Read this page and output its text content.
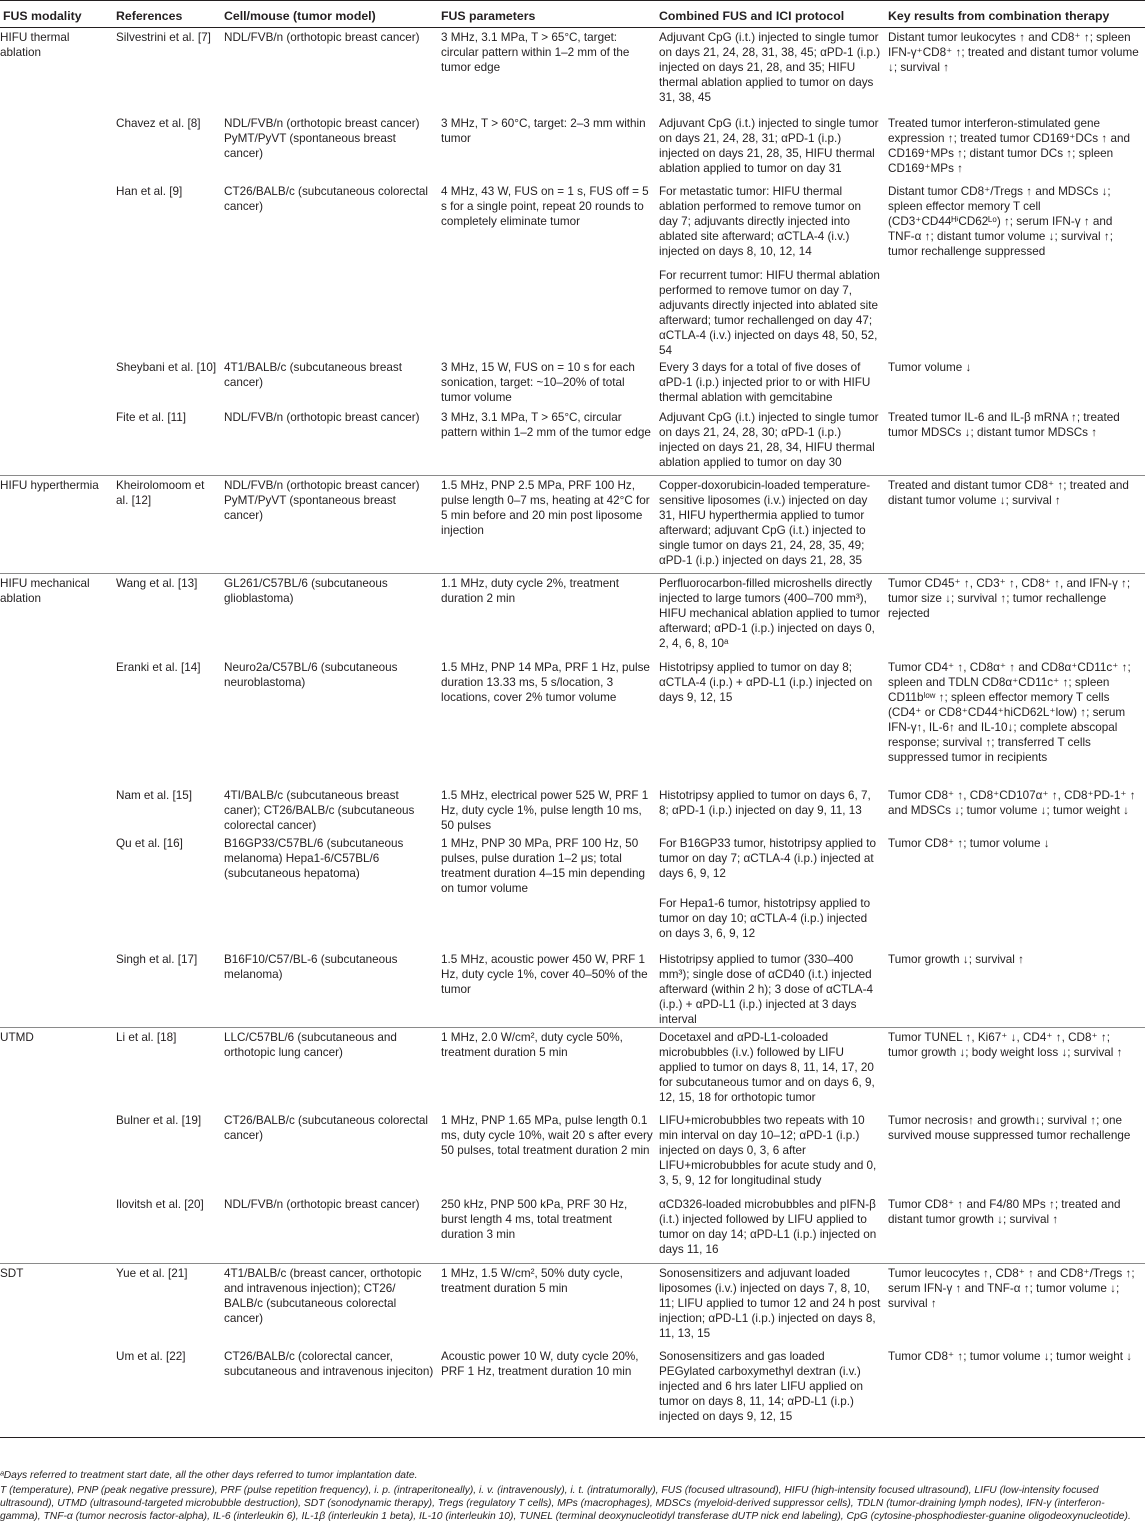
FUS modality	References	Cell/mouse (tumor model)	FUS parameters	Combined FUS and ICI protocol	Key results from combination therapy
HIFU thermal ablation	Silvestrini et al. [7]	NDL/FVB/n (orthotopic breast cancer)	3 MHz, 3.1 MPa, T > 65°C, target: circular pattern within 1–2 mm of the tumor edge	Adjuvant CpG (i.t.) injected to single tumor on days 21, 24, 28, 31, 38, 45; αPD-1 (i.p.) injected on days 21, 28, and 35; HIFU thermal ablation applied to tumor on days 31, 38, 45	Distant tumor leukocytes ↑ and CD8⁺ ↑; spleen IFN-γ⁺CD8⁺ ↑; treated and distant tumor volume ↓; survival ↑
	Chavez et al. [8]	NDL/FVB/n (orthotopic breast cancer) PyMT/PyVT (spontaneous breast cancer)	3 MHz, T > 60°C, target: 2–3 mm within tumor	Adjuvant CpG (i.t.) injected to single tumor on days 21, 24, 28, 31; αPD-1 (i.p.) injected on days 21, 28, 35, HIFU thermal ablation applied to tumor on day 31	Treated tumor interferon-stimulated gene expression ↑; treated tumor CD169⁺DCs ↑ and CD169⁺MPs ↑; distant tumor DCs ↑; spleen CD169⁺MPs ↑
	Han et al. [9]	CT26/BALB/c (subcutaneous colorectal cancer)	4 MHz, 43 W, FUS on = 1 s, FUS off = 5 s for a single point, repeat 20 rounds to completely eliminate tumor	For metastatic tumor: HIFU thermal ablation performed to remove tumor on day 7; adjuvants directly injected into ablated site afterward; αCTLA-4 (i.v.) injected on days 8, 10, 12, 14	Distant tumor CD8⁺/Tregs ↑ and MDSCs ↓; spleen effector memory T cell (CD3⁺CD44ᴴⁱCD62ᴸᵒ) ↑; serum IFN-γ ↑ and TNF-α ↑; distant tumor volume ↓; survival ↑; tumor rechallenge suppressed
				For recurrent tumor: HIFU thermal ablation performed to remove tumor on day 7, adjuvants directly injected into ablated site afterward; tumor rechallenged on day 47; αCTLA-4 (i.v.) injected on days 48, 50, 52, 54	
	Sheybani et al. [10]	4T1/BALB/c (subcutaneous breast cancer)	3 MHz, 15 W, FUS on = 10 s for each sonication, target: ~10–20% of total tumor volume	Every 3 days for a total of five doses of αPD-1 (i.p.) injected prior to or with HIFU thermal ablation with gemcitabine	Tumor volume ↓
	Fite et al. [11]	NDL/FVB/n (orthotopic breast cancer)	3 MHz, 3.1 MPa, T > 65°C, circular pattern within 1–2 mm of the tumor edge	Adjuvant CpG (i.t.) injected to single tumor on days 21, 24, 28, 30; αPD-1 (i.p.) injected on days 21, 28, 34, HIFU thermal ablation applied to tumor on day 30	Treated tumor IL-6 and IL-β mRNA ↑; treated tumor MDSCs ↓; distant tumor MDSCs ↑
HIFU hyperthermia	Kheirolomoom et al. [12]	NDL/FVB/n (orthotopic breast cancer) PyMT/PyVT (spontaneous breast cancer)	1.5 MHz, PNP 2.5 MPa, PRF 100 Hz, pulse length 0–7 ms, heating at 42°C for 5 min before and 20 min post liposome injection	Copper-doxorubicin-loaded temperature-sensitive liposomes (i.v.) injected on day 31, HIFU hyperthermia applied to tumor afterward; adjuvant CpG (i.t.) injected to single tumor on days 21, 24, 28, 35, 49; αPD-1 (i.p.) injected on days 21, 28, 35	Treated and distant tumor CD8⁺ ↑; treated and distant tumor volume ↓; survival ↑
HIFU mechanical ablation	Wang et al. [13]	GL261/C57BL/6 (subcutaneous glioblastoma)	1.1 MHz, duty cycle 2%, treatment duration 2 min	Perfluorocarbon-filled microshells directly injected to large tumors (400–700 mm³), HIFU mechanical ablation applied to tumor afterward; αPD-1 (i.p.) injected on days 0, 2, 4, 6, 8, 10ᵃ	Tumor CD45⁺ ↑, CD3⁺ ↑, CD8⁺ ↑, and IFN-γ ↑; tumor size ↓; survival ↑; tumor rechallenge rejected
	Eranki et al. [14]	Neuro2a/C57BL/6 (subcutaneous neuroblastoma)	1.5 MHz, PNP 14 MPa, PRF 1 Hz, pulse duration 13.33 ms, 5 s/location, 3 locations, cover 2% tumor volume	Histotripsy applied to tumor on day 8; αCTLA-4 (i.p.) + αPD-L1 (i.p.) injected on days 9, 12, 15	Tumor CD4⁺ ↑, CD8α⁺ ↑ and CD8α⁺CD11c⁺ ↑; spleen and TDLN CD8α⁺CD11c⁺ ↑; spleen CD11bˡᵒʷ ↑; spleen effector memory T cells (CD4⁺ or CD8⁺CD44⁺hiCD62L⁺low) ↑; serum IFN-γ↑, IL-6↑ and IL-10↓; complete abscopal response; survival ↑; transferred T cells suppressed tumor in recipients
	Nam et al. [15]	4TI/BALB/c (subcutaneous breast caner); CT26/BALB/c (subcutaneous colorectal cancer)	1.5 MHz, electrical power 525 W, PRF 1 Hz, duty cycle 1%, pulse length 10 ms, 50 pulses	Histotripsy applied to tumor on days 6, 7, 8; αPD-1 (i.p.) injected on day 9, 11, 13	Tumor CD8⁺ ↑, CD8⁺CD107α⁺ ↑, CD8⁺PD-1⁺ ↑ and MDSCs ↓; tumor volume ↓; tumor weight ↓
	Qu et al. [16]	B16GP33/C57BL/6 (subcutaneous melanoma) Hepa1-6/C57BL/6 (subcutaneous hepatoma)	1 MHz, PNP 30 MPa, PRF 100 Hz, 50 pulses, pulse duration 1–2 μs; total treatment duration 4–15 min depending on tumor volume	For B16GP33 tumor, histotripsy applied to tumor on day 7; αCTLA-4 (i.p.) injected at days 6, 9, 12	Tumor CD8⁺ ↑; tumor volume ↓
				For Hepa1-6 tumor, histotripsy applied to tumor on day 10; αCTLA-4 (i.p.) injected on days 3, 6, 9, 12	
	Singh et al. [17]	B16F10/C57/BL-6 (subcutaneous melanoma)	1.5 MHz, acoustic power 450 W, PRF 1 Hz, duty cycle 1%, cover 40–50% of the tumor	Histotripsy applied to tumor (330–400 mm³); single dose of αCD40 (i.t.) injected afterward (within 2 h); 3 dose of αCTLA-4 (i.p.) + αPD-L1 (i.p.) injected at 3 days interval	Tumor growth ↓; survival ↑
UTMD	Li et al. [18]	LLC/C57BL/6 (subcutaneous and orthotopic lung cancer)	1 MHz, 2.0 W/cm², duty cycle 50%, treatment duration 5 min	Docetaxel and αPD-L1-coloaded microbubbles (i.v.) followed by LIFU applied to tumor on days 8, 11, 14, 17, 20 for subcutaneous tumor and on days 6, 9, 12, 15, 18 for orthotopic tumor	Tumor TUNEL ↑, Ki67⁺ ↓, CD4⁺ ↑, CD8⁺ ↑; tumor growth ↓; body weight loss ↓; survival ↑
	Bulner et al. [19]	CT26/BALB/c (subcutaneous colorectal cancer)	1 MHz, PNP 1.65 MPa, pulse length 0.1 ms, duty cycle 10%, wait 20 s after every 50 pulses, total treatment duration 2 min	LIFU+microbubbles two repeats with 10 min interval on day 10–12; αPD-1 (i.p.) injected on days 0, 3, 6 after LIFU+microbubbles for acute study and 0, 3, 5, 9, 12 for longitudinal study	Tumor necrosis↑ and growth↓; survival ↑; one survived mouse suppressed tumor rechallenge
	Ilovitsh et al. [20]	NDL/FVB/n (orthotopic breast cancer)	250 kHz, PNP 500 kPa, PRF 30 Hz, burst length 4 ms, total treatment duration 3 min	αCD326-loaded microbubbles and pIFN-β (i.t.) injected followed by LIFU applied to tumor on day 14; αPD-L1 (i.p.) injected on days 11, 16	Tumor CD8⁺ ↑ and F4/80 MPs ↑; treated and distant tumor growth ↓; survival ↑
SDT	Yue et al. [21]	4T1/BALB/c (breast cancer, orthotopic and intravenous injection); CT26/ BALB/c (subcutaneous colorectal cancer)	1 MHz, 1.5 W/cm², 50% duty cycle, treatment duration 5 min	Sonosensitizers and adjuvant loaded liposomes (i.v.) injected on days 7, 8, 10, 11; LIFU applied to tumor 12 and 24 h post injection; αPD-L1 (i.p.) injected on days 8, 11, 13, 15	Tumor leucocytes ↑, CD8⁺ ↑ and CD8⁺/Tregs ↑; serum IFN-γ ↑ and TNF-α ↑; tumor volume ↓; survival ↑
	Um et al. [22]	CT26/BALB/c (colorectal cancer, subcutaneous and intravenous injeciton)	Acoustic power 10 W, duty cycle 20%, PRF 1 Hz, treatment duration 10 min	Sonosensitizers and gas loaded PEGylated carboxymethyl dextran (i.v.) injected and 6 hrs later LIFU applied on tumor on days 8, 11, 14; αPD-L1 (i.p.) injected on days 9, 12, 15	Tumor CD8⁺ ↑; tumor volume ↓; tumor weight ↓
ᵃDays referred to treatment start date, all the other days referred to tumor implantation date.
T (temperature), PNP (peak negative pressure), PRF (pulse repetition frequency), i. p. (intraperitoneally), i. v. (intravenously), i. t. (intratumorally), FUS (focused ultrasound), HIFU (high-intensity focused ultrasound), LIFU (low-intensity focused ultrasound), UTMD (ultrasound-targeted microbubble destruction), SDT (sonodynamic therapy), Tregs (regulatory T cells), MPs (macrophages), MDSCs (myeloid-derived suppressor cells), TDLN (tumor-draining lymph nodes), IFN-γ (interferon-gamma), TNF-α (tumor necrosis factor-alpha), IL-6 (interleukin 6), IL-1β (interleukin 1 beta), IL-10 (interleukin 10), TUNEL (terminal deoxynucleotidyl transferase dUTP nick end labeling), CpG (cytosine-phosphodiester-guanine oligodeoxynucleotide).
